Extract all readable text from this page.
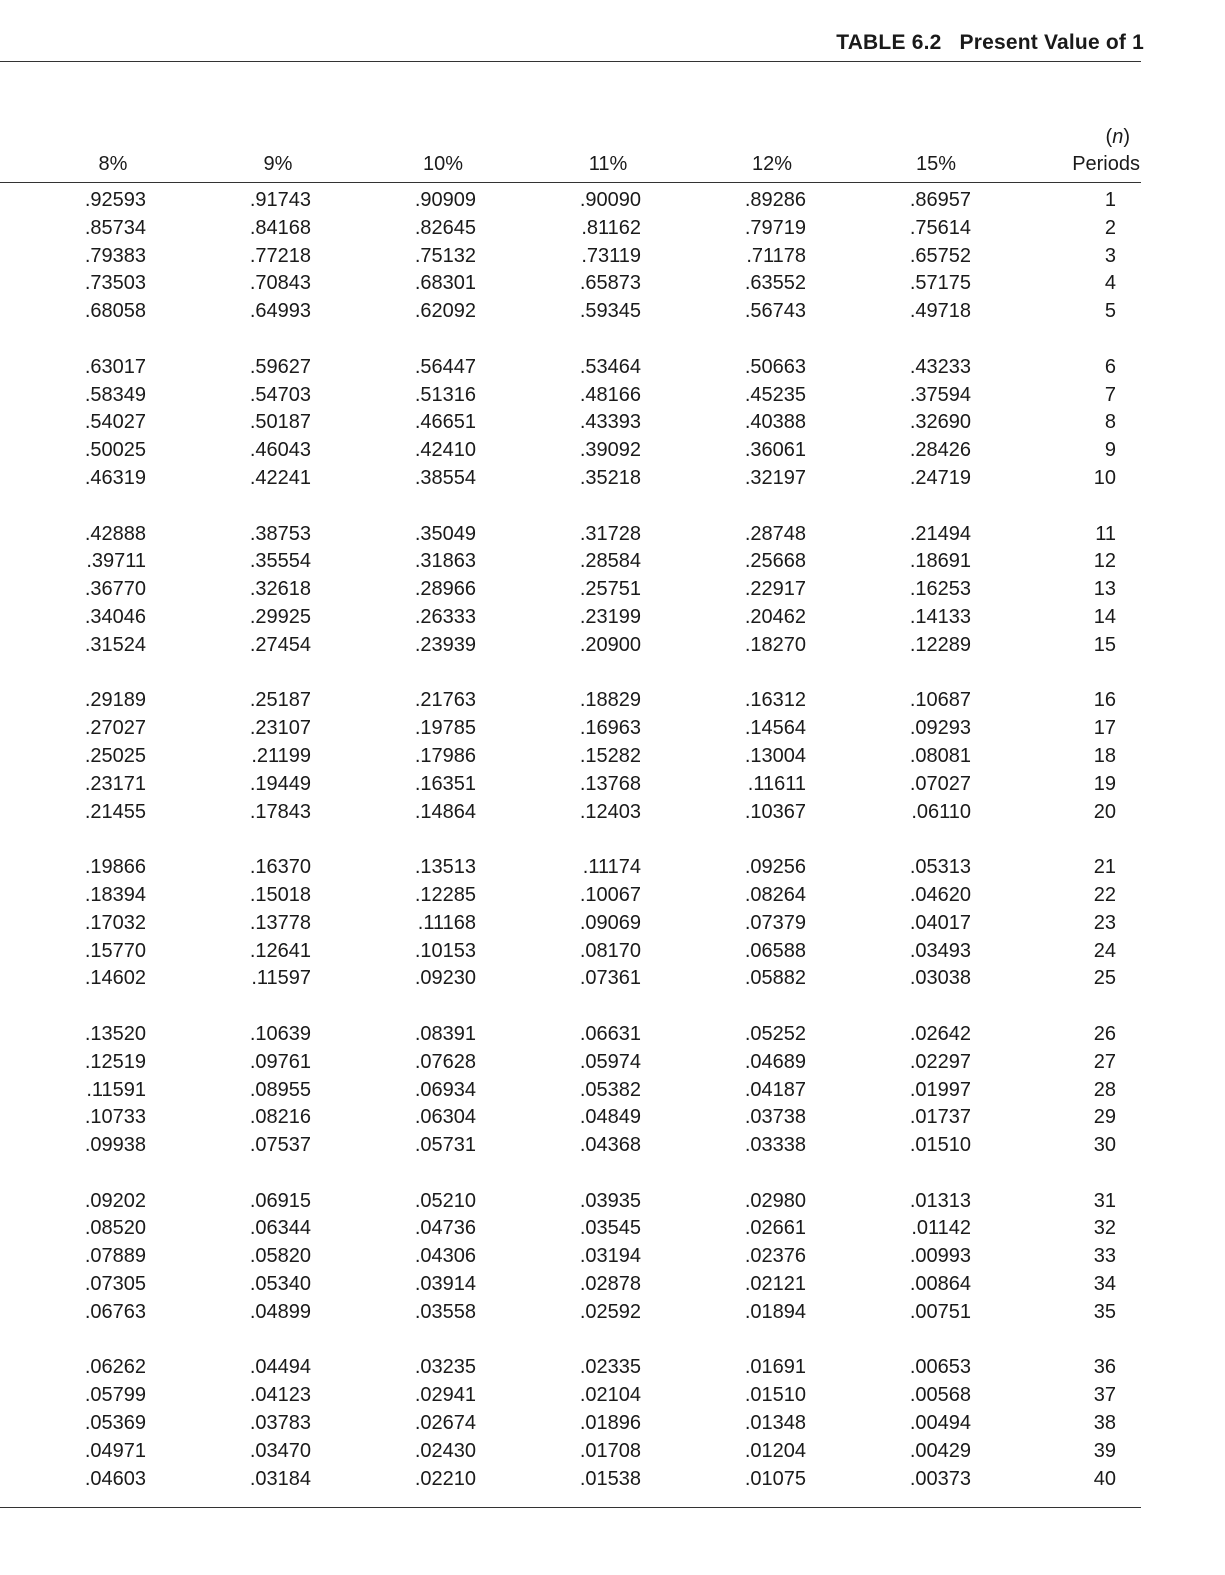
TABLE 6.2 Present Value of 1
(n)
8%	9%	10%	11%	12%	15%	Periods
.92593	.91743	.90909	.90090	.89286	.86957	1
.85734	.84168	.82645	.81162	.79719	.75614	2
.79383	.77218	.75132	.73119	.71178	.65752	3
.73503	.70843	.68301	.65873	.63552	.57175	4
.68058	.64993	.62092	.59345	.56743	.49718	5
.63017	.59627	.56447	.53464	.50663	.43233	6
.58349	.54703	.51316	.48166	.45235	.37594	7
.54027	.50187	.46651	.43393	.40388	.32690	8
.50025	.46043	.42410	.39092	.36061	.28426	9
.46319	.42241	.38554	.35218	.32197	.24719	10
.42888	.38753	.35049	.31728	.28748	.21494	11
.39711	.35554	.31863	.28584	.25668	.18691	12
.36770	.32618	.28966	.25751	.22917	.16253	13
.34046	.29925	.26333	.23199	.20462	.14133	14
.31524	.27454	.23939	.20900	.18270	.12289	15
.29189	.25187	.21763	.18829	.16312	.10687	16
.27027	.23107	.19785	.16963	.14564	.09293	17
.25025	.21199	.17986	.15282	.13004	.08081	18
.23171	.19449	.16351	.13768	.11611	.07027	19
.21455	.17843	.14864	.12403	.10367	.06110	20
.19866	.16370	.13513	.11174	.09256	.05313	21
.18394	.15018	.12285	.10067	.08264	.04620	22
.17032	.13778	.11168	.09069	.07379	.04017	23
.15770	.12641	.10153	.08170	.06588	.03493	24
.14602	.11597	.09230	.07361	.05882	.03038	25
.13520	.10639	.08391	.06631	.05252	.02642	26
.12519	.09761	.07628	.05974	.04689	.02297	27
.11591	.08955	.06934	.05382	.04187	.01997	28
.10733	.08216	.06304	.04849	.03738	.01737	29
.09938	.07537	.05731	.04368	.03338	.01510	30
.09202	.06915	.05210	.03935	.02980	.01313	31
.08520	.06344	.04736	.03545	.02661	.01142	32
.07889	.05820	.04306	.03194	.02376	.00993	33
.07305	.05340	.03914	.02878	.02121	.00864	34
.06763	.04899	.03558	.02592	.01894	.00751	35
.06262	.04494	.03235	.02335	.01691	.00653	36
.05799	.04123	.02941	.02104	.01510	.00568	37
.05369	.03783	.02674	.01896	.01348	.00494	38
.04971	.03470	.02430	.01708	.01204	.00429	39
.04603	.03184	.02210	.01538	.01075	.00373	40
